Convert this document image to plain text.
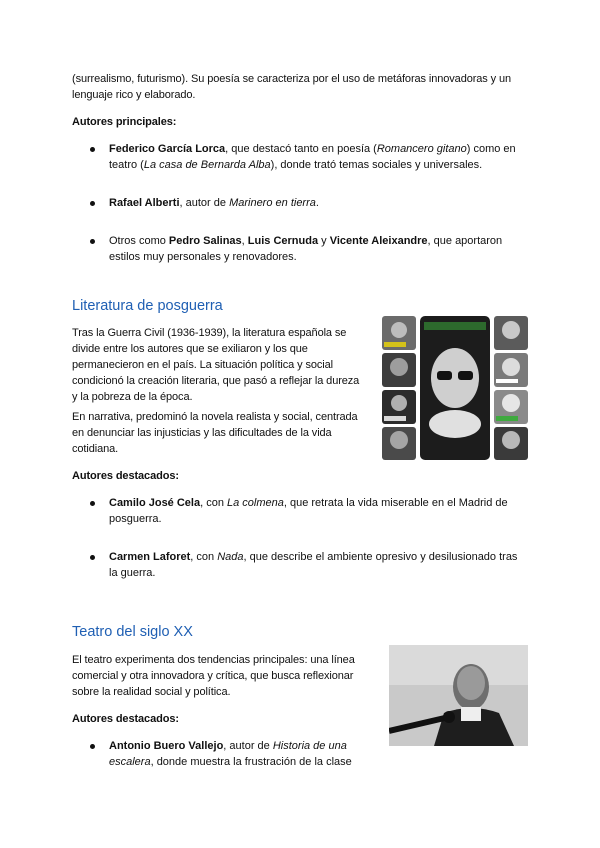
(surrealismo, futurismo). Su poesía se caracteriza por el uso de metáforas innovadoras y un

lenguaje rico y elaborado.

Autores principales:

Federico García Lorca, que destacó tanto en poesía (Romancero gitano) como en
teatro (La casa de Bernarda Alba), donde trató temas sociales y universales.
Rafael Alberti, autor de Marinero en tierra.
Otros como Pedro Salinas, Luis Cernuda y Vicente Aleixandre, que aportaron
estilos muy personales y renovadores.
Literatura de posguerra

Tras la Guerra Civil (1936-1939), la literatura española se

divide entre los autores que se exiliaron y los que

permanecieron en el país. La situación política y social

condicionó la creación literaria, que pasó a reflejar la dureza

y la pobreza de la época.

En narrativa, predominó la novela realista y social, centrada

en denunciar las injusticias y las dificultades de la vida

cotidiana.

Autores destacados:

Camilo José Cela, con La colmena, que retrata la vida miserable en el Madrid de
posguerra.
Carmen Laforet, con Nada, que describe el ambiente opresivo y desilusionado tras
la guerra.
Teatro del siglo XX

El teatro experimenta dos tendencias principales: una línea

comercial y otra innovadora y crítica, que busca reflexionar

sobre la realidad social y política.

Autores destacados:

Antonio Buero Vallejo, autor de Historia de una
escalera, donde muestra la frustración de la clase
